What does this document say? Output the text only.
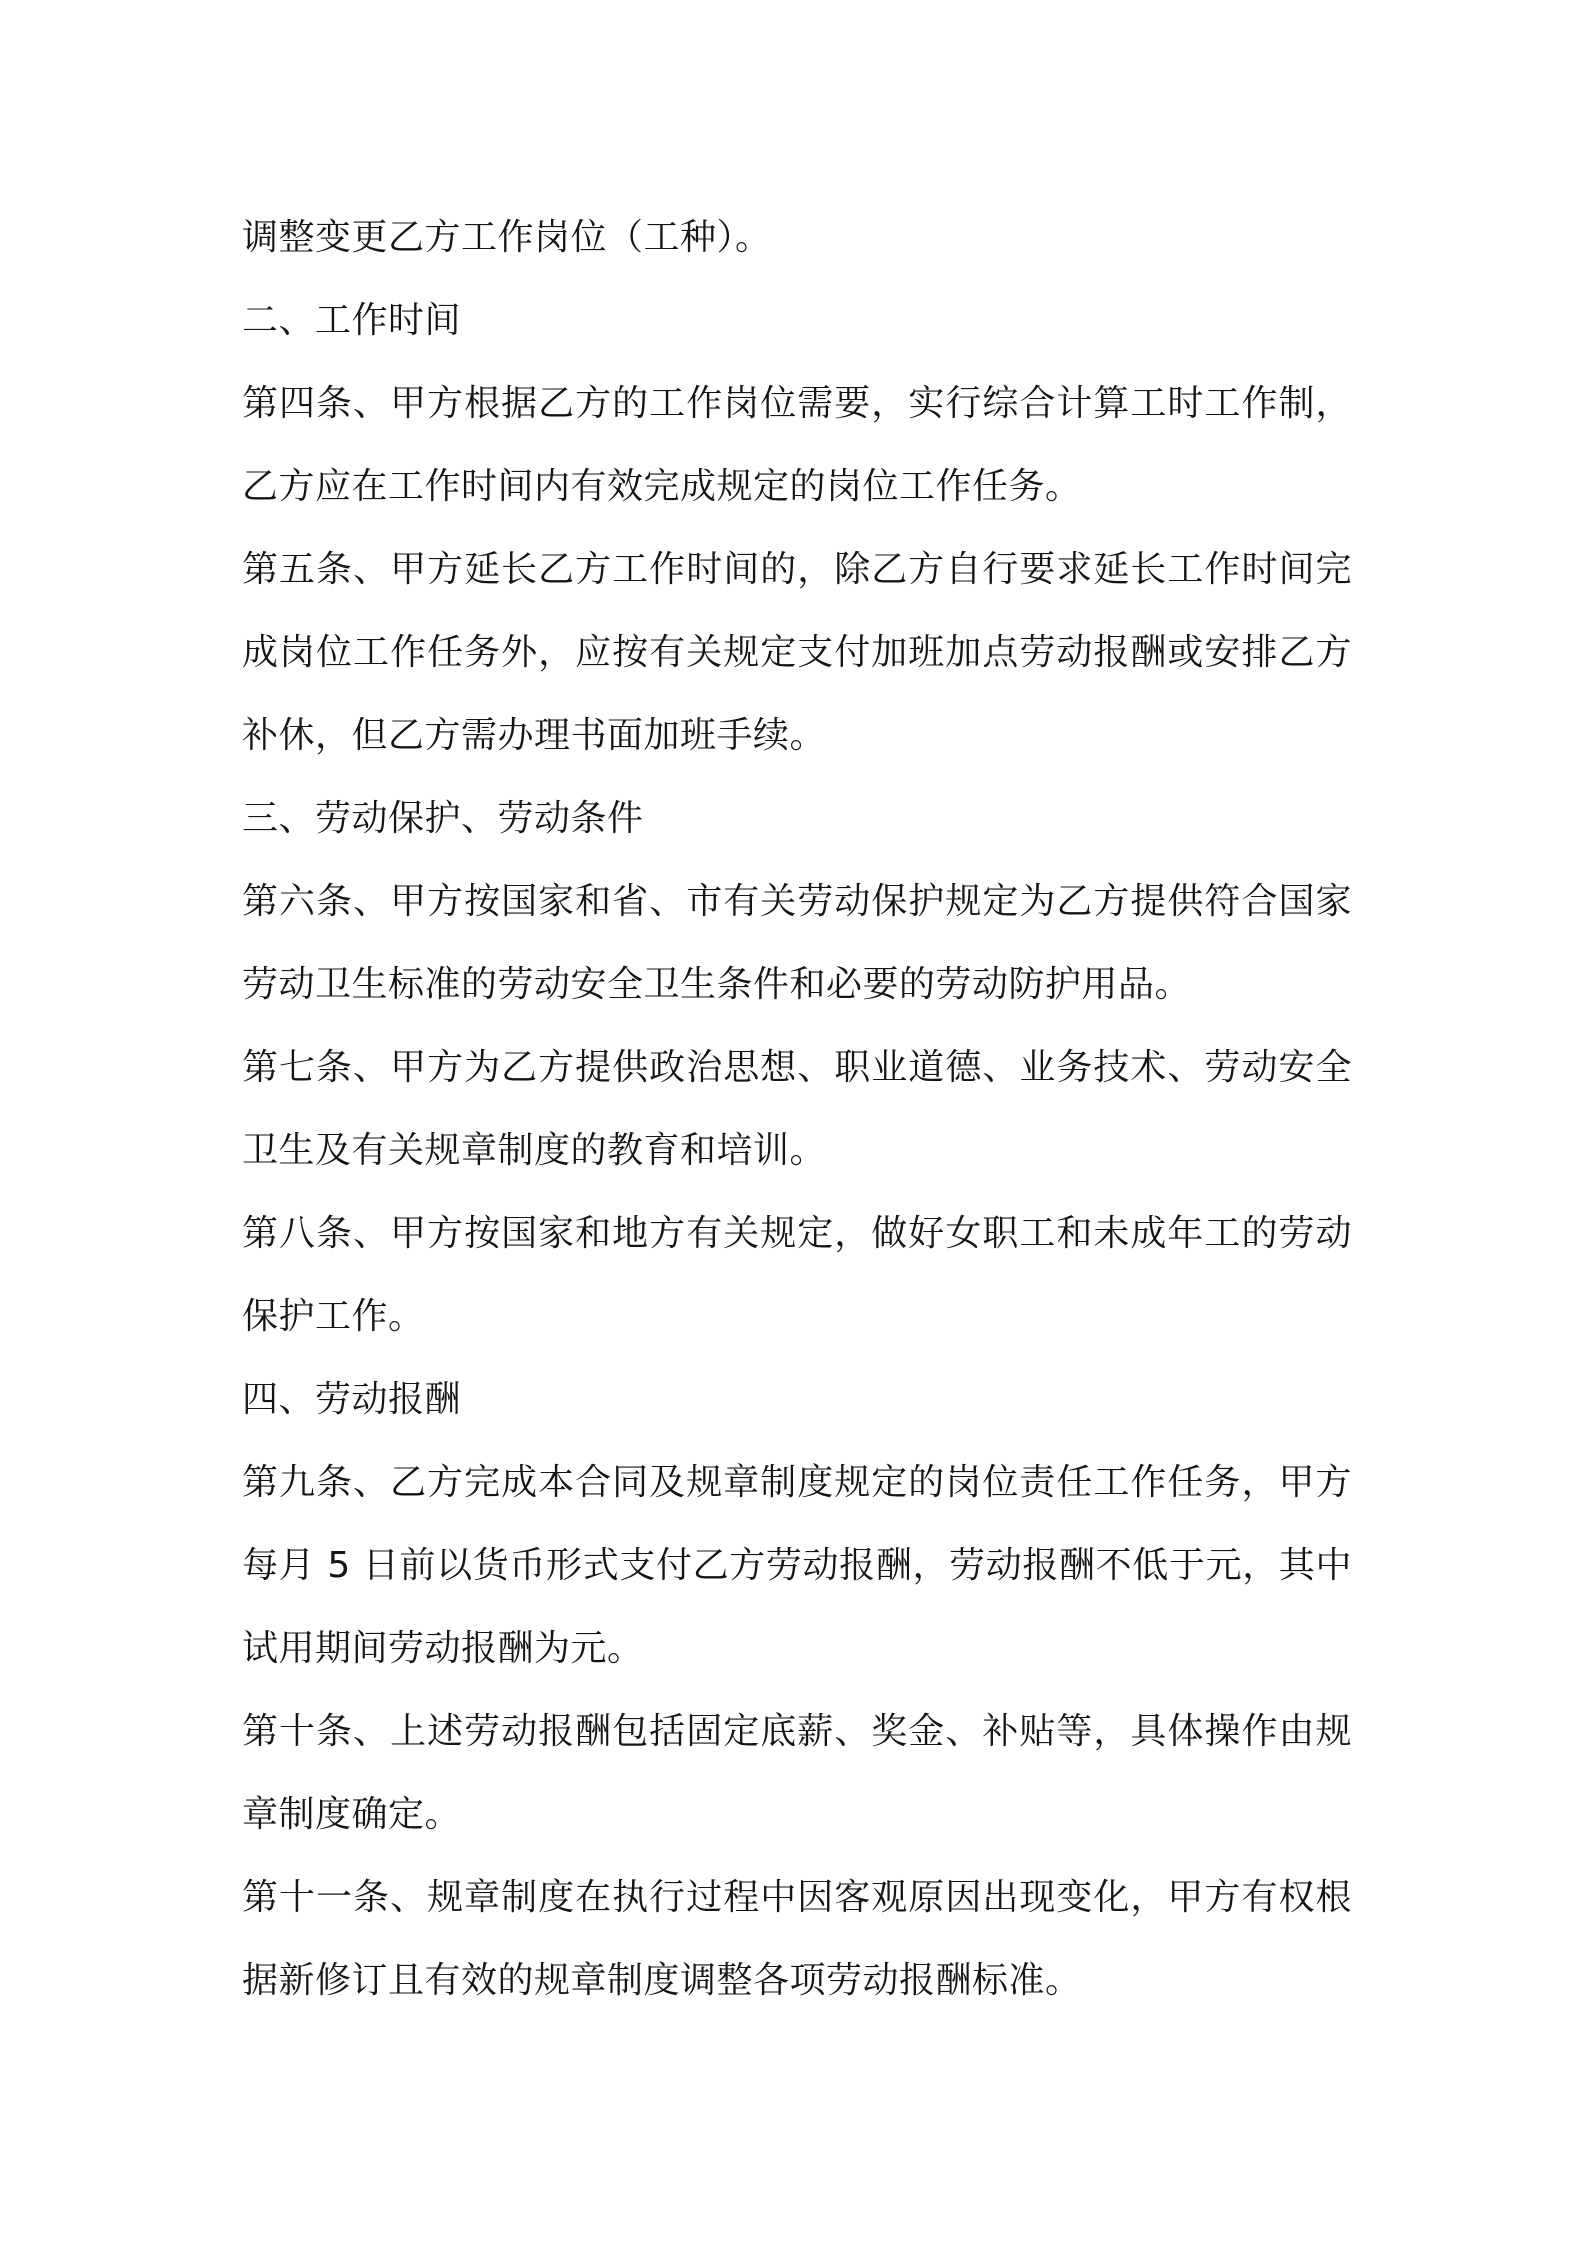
调整变更乙方工作岗位（工种）。

二、工作时间

第四条、甲方根据乙方的工作岗位需要，实行综合计算工时工作制，

乙方应在工作时间内有效完成规定的岗位工作任务。

第五条、甲方延长乙方工作时间的，除乙方自行要求延长工作时间完

成岗位工作任务外，应按有关规定支付加班加点劳动报酬或安排乙方

补休，但乙方需办理书面加班手续。

三、劳动保护、劳动条件

第六条、甲方按国家和省、市有关劳动保护规定为乙方提供符合国家

劳动卫生标准的劳动安全卫生条件和必要的劳动防护用品。

第七条、甲方为乙方提供政治思想、职业道德、业务技术、劳动安全

卫生及有关规章制度的教育和培训。

第八条、甲方按国家和地方有关规定，做好女职工和未成年工的劳动

保护工作。

四、劳动报酬

第九条、乙方完成本合同及规章制度规定的岗位责任工作任务，甲方

每月 5 日前以货币形式支付乙方劳动报酬，劳动报酬不低于元，其中

试用期间劳动报酬为元。

第十条、上述劳动报酬包括固定底薪、奖金、补贴等，具体操作由规

章制度确定。

第十一条、规章制度在执行过程中因客观原因出现变化，甲方有权根

据新修订且有效的规章制度调整各项劳动报酬标准。
